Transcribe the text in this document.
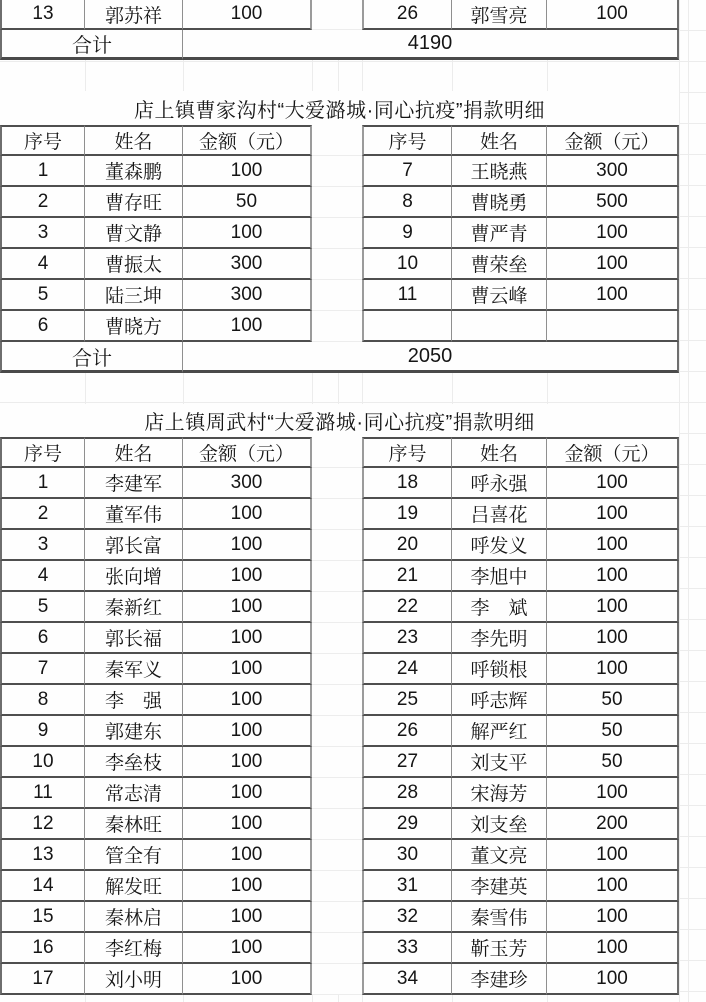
13	郭苏祥	100	26	郭雪亮	100
合计	4190
店上镇曹家沟村“大爱潞城·同心抗疫”捐款明细
序号	姓名	金额（元）	序号	姓名	金额（元）
1	董森鹏	100	7	王晓燕	300
2	曹存旺	50	8	曹晓勇	500
3	曹文静	100	9	曹严青	100
4	曹振太	300	10	曹荣垒	100
5	陆三坤	300	11	曹云峰	100
6	曹晓方	100
合计	2050
店上镇周武村“大爱潞城·同心抗疫”捐款明细
序号	姓名	金额（元）	序号	姓名	金额（元）
1	李建军	300	18	呼永强	100
2	董军伟	100	19	吕喜花	100
3	郭长富	100	20	呼发义	100
4	张向增	100	21	李旭中	100
5	秦新红	100	22	李　斌	100
6	郭长福	100	23	李先明	100
7	秦军义	100	24	呼锁根	100
8	李　强	100	25	呼志辉	50
9	郭建东	100	26	解严红	50
10	李垒枝	100	27	刘支平	50
11	常志清	100	28	宋海芳	100
12	秦林旺	100	29	刘支垒	200
13	管全有	100	30	董文亮	100
14	解发旺	100	31	李建英	100
15	秦林启	100	32	秦雪伟	100
16	李红梅	100	33	靳玉芳	100
17	刘小明	100	34	李建珍	100
